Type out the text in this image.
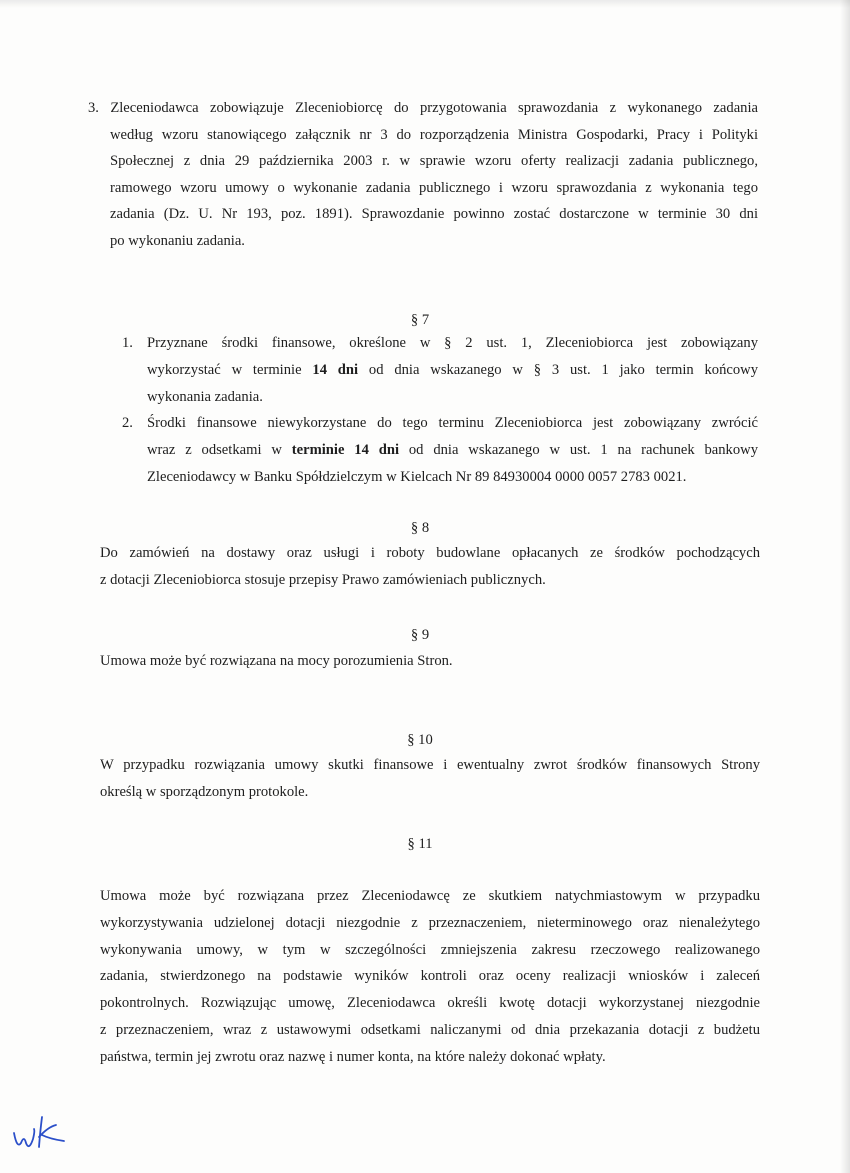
3. Zleceniodawca zobowiązuje Zleceniobiorcę do przygotowania sprawozdania z wykonanego zadania
według wzoru stanowiącego załącznik nr 3 do rozporządzenia Ministra Gospodarki, Pracy i Polityki
Społecznej z dnia 29 października 2003 r. w sprawie wzoru oferty realizacji zadania publicznego,
ramowego wzoru umowy o wykonanie zadania publicznego i wzoru sprawozdania z wykonania tego
zadania (Dz. U. Nr 193, poz. 1891). Sprawozdanie powinno zostać dostarczone w terminie 30 dni
po wykonaniu zadania.
§ 7
1. Przyznane środki finansowe, określone w § 2 ust. 1, Zleceniobiorca jest zobowiązany
wykorzystać w terminie 14 dni od dnia wskazanego w § 3 ust. 1 jako termin końcowy
wykonania zadania.
2. Środki finansowe niewykorzystane do tego terminu Zleceniobiorca jest zobowiązany zwrócić
wraz z odsetkami w terminie 14 dni od dnia wskazanego w ust. 1 na rachunek bankowy
Zleceniodawcy w Banku Spółdzielczym w Kielcach Nr 89 84930004 0000 0057 2783 0021.
§ 8
Do zamówień na dostawy oraz usługi i roboty budowlane opłacanych ze środków pochodzących
z dotacji Zleceniobiorca stosuje przepisy Prawo zamówieniach publicznych.
§ 9
Umowa może być rozwiązana na mocy porozumienia Stron.
§ 10
W przypadku rozwiązania umowy skutki finansowe i ewentualny zwrot środków finansowych Strony
określą w sporządzonym protokole.
§ 11
Umowa może być rozwiązana przez Zleceniodawcę ze skutkiem natychmiastowym w przypadku
wykorzystywania udzielonej dotacji niezgodnie z przeznaczeniem, nieterminowego oraz nienależytego
wykonywania umowy, w tym w szczególności zmniejszenia zakresu rzeczowego realizowanego
zadania, stwierdzonego na podstawie wyników kontroli oraz oceny realizacji wniosków i zaleceń
pokontrolnych. Rozwiązując umowę, Zleceniodawca określi kwotę dotacji wykorzystanej niezgodnie
z przeznaczeniem, wraz z ustawowymi odsetkami naliczanymi od dnia przekazania dotacji z budżetu
państwa, termin jej zwrotu oraz nazwę i numer konta, na które należy dokonać wpłaty.
